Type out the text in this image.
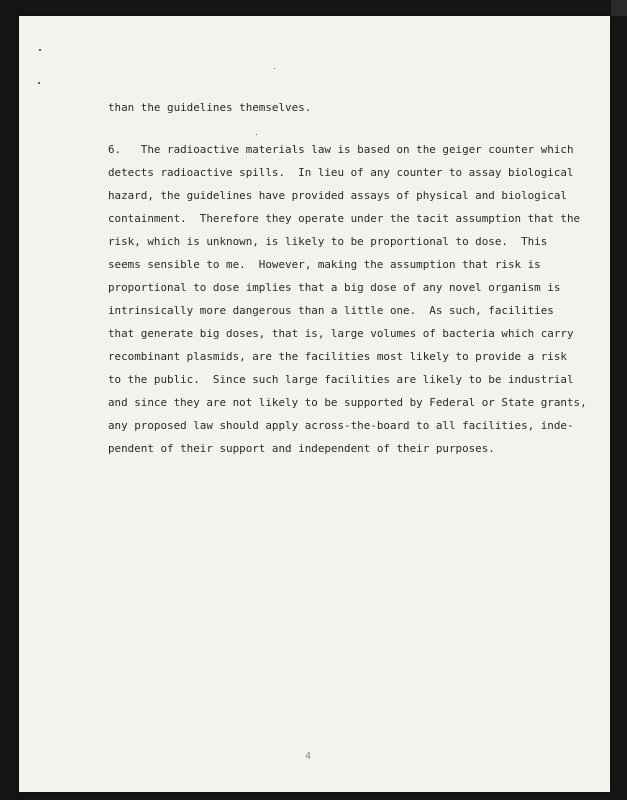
than the guidelines themselves.
6.   The radioactive materials law is based on the geiger counter which
detects radioactive spills.  In lieu of any counter to assay biological
hazard, the guidelines have provided assays of physical and biological
containment.  Therefore they operate under the tacit assumption that the
risk, which is unknown, is likely to be proportional to dose.  This
seems sensible to me.  However, making the assumption that risk is
proportional to dose implies that a big dose of any novel organism is
intrinsically more dangerous than a little one.  As such, facilities
that generate big doses, that is, large volumes of bacteria which carry
recombinant plasmids, are the facilities most likely to provide a risk
to the public.  Since such large facilities are likely to be industrial
and since they are not likely to be supported by Federal or State grants,
any proposed law should apply across-the-board to all facilities, inde-
pendent of their support and independent of their purposes.
4
